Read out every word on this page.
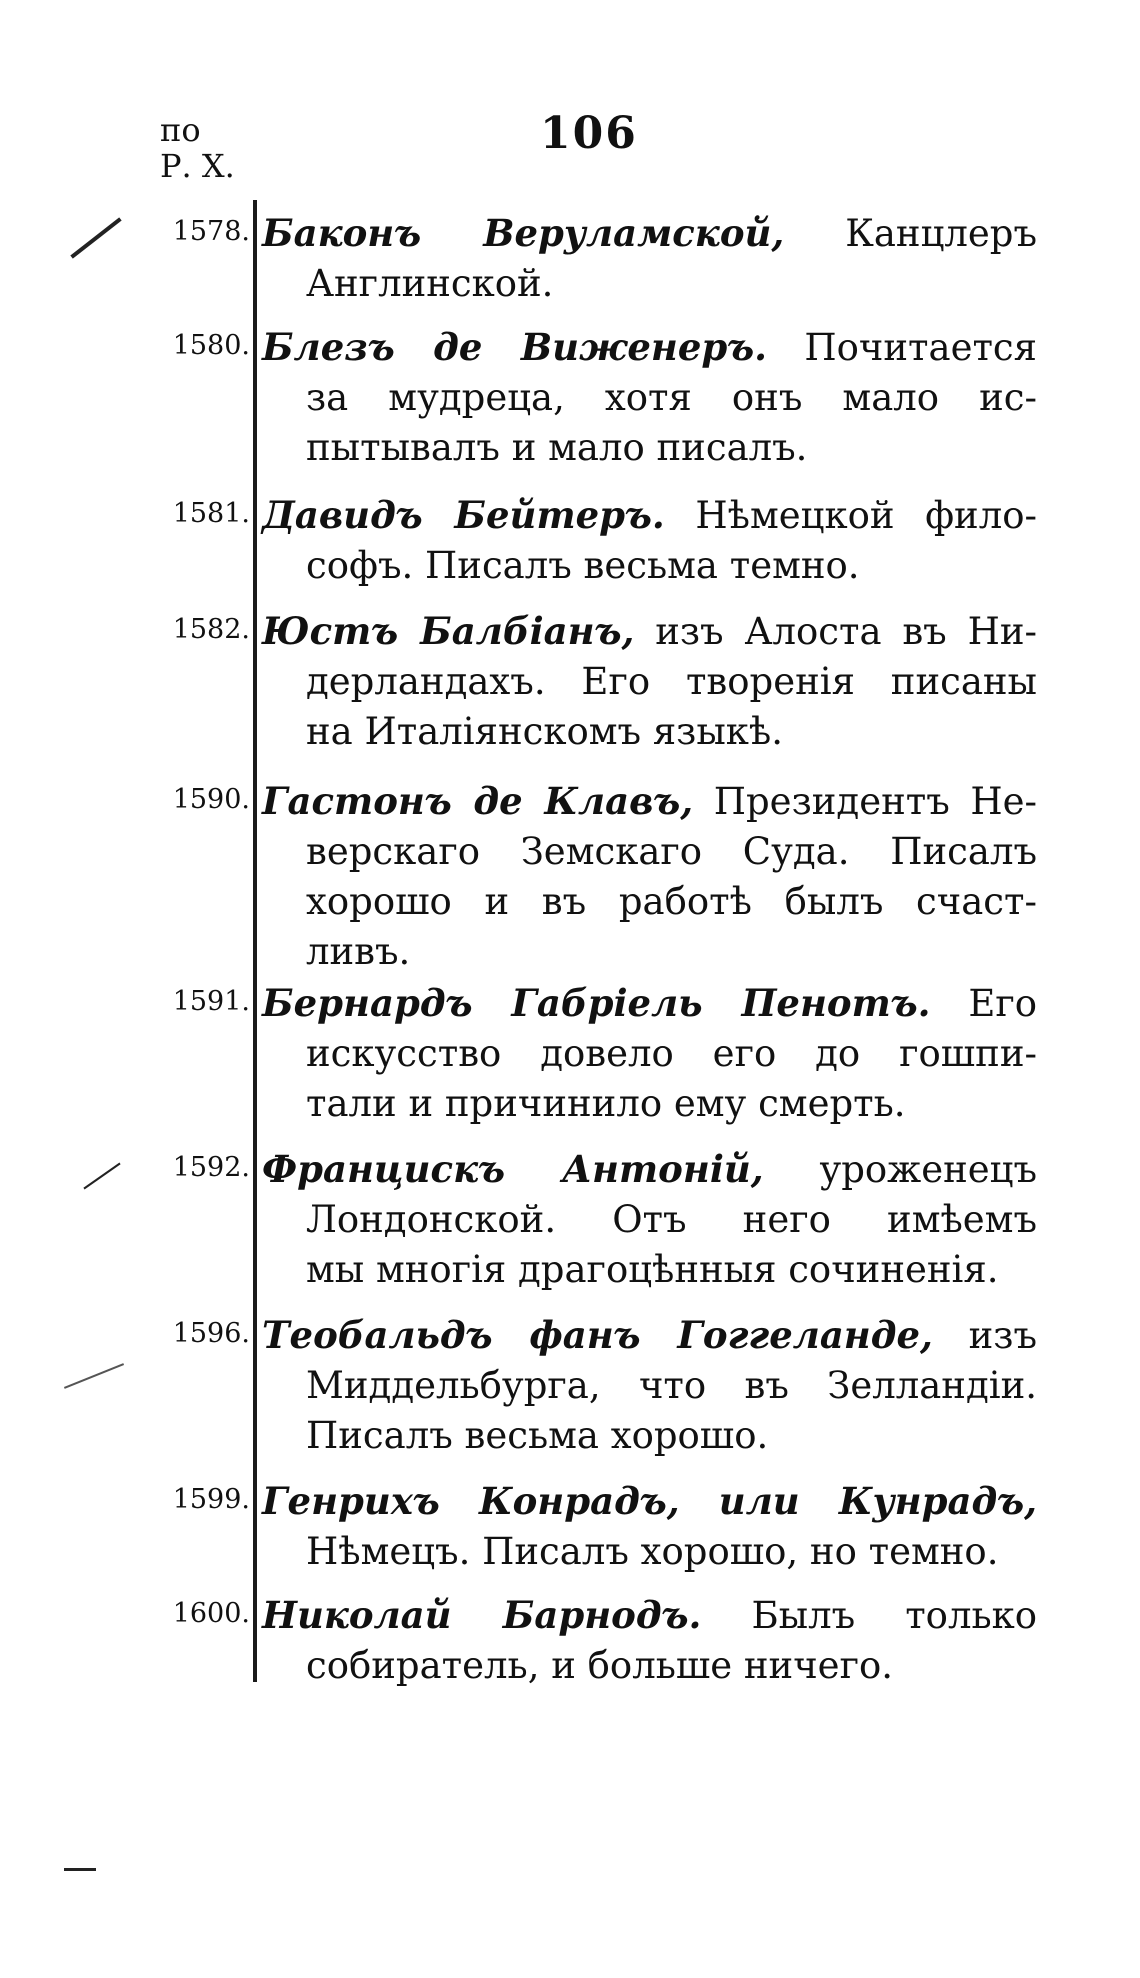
по
Р. Х.
106
1578. Баконъ Веруламской, Канцлеръ
Англинской.
1580. Блезъ де Виженеръ. Почитается
за мудреца, хотя онъ мало ис-
пытывалъ и мало писалъ.
1581. Давидъ Бейтеръ. Нѣмецкой фило-
софъ. Писалъ весьма темно.
1582. Юстъ Балбіанъ, изъ Алоста въ Ни-
дерландахъ. Его творенія писаны
на Италіянскомъ языкѣ.
1590. Гастонъ де Клавъ, Президентъ Не-
верскаго Земскаго Суда. Писалъ
хорошо и въ работѣ былъ счаст-
ливъ.
1591. Бернардъ Габріель Пенотъ. Его
искусство довело его до гошпи-
тали и причинило ему смерть.
1592. Францискъ Антоній, уроженецъ
Лондонской. Отъ него имѣемъ
мы многія драгоцѣнныя сочиненія.
1596. Теобальдъ фанъ Гоггеланде, изъ
Миддельбурга, что въ Зелландіи.
Писалъ весьма хорошо.
1599. Генрихъ Конрадъ, или Кунрадъ,
Нѣмецъ. Писалъ хорошо, но темно.
1600. Николай Барнодъ. Былъ только
собиратель, и больше ничего.
